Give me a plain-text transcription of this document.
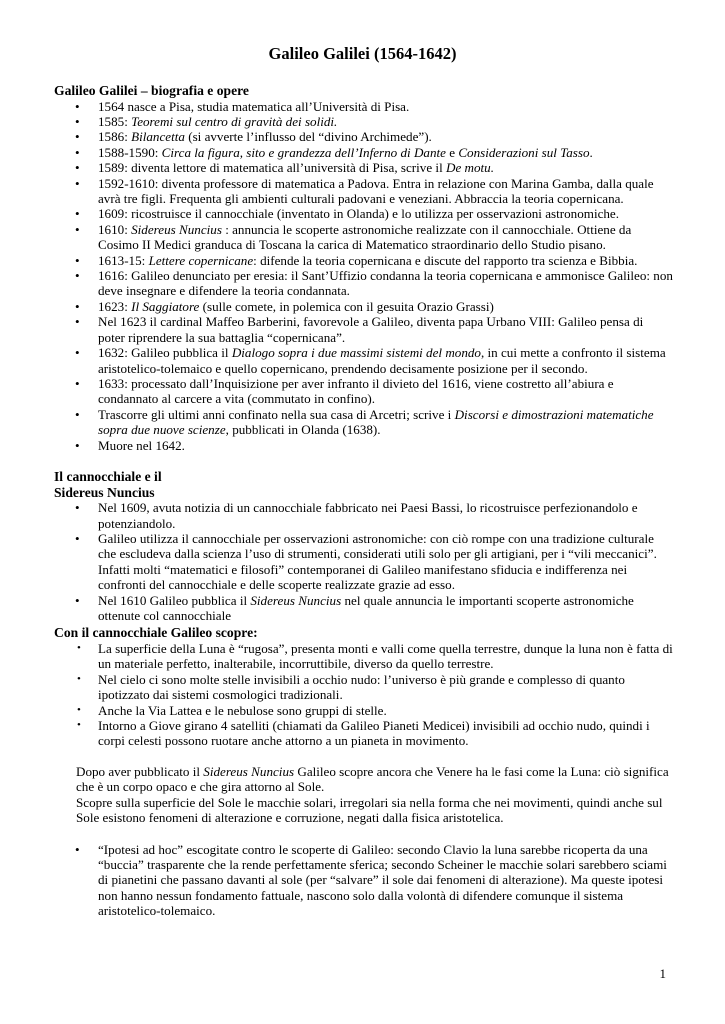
Galileo Galilei (1564-1642)
Galileo Galilei – biografia e opere
• 1564 nasce a Pisa, studia matematica all’Università di Pisa.
• 1585: Teoremi sul centro di gravità dei solidi.
• 1586: Bilancetta (si avverte l’influsso del “divino Archimede”).
• 1588-1590: Circa la figura, sito e grandezza dell’Inferno di Dante e Considerazioni sul Tasso.
• 1589: diventa lettore di matematica all’università di Pisa, scrive il De motu.
• 1592-1610: diventa professore di matematica a Padova. Entra in relazione con Marina Gamba, dalla quale avrà tre figli. Frequenta gli ambienti culturali padovani e veneziani. Abbraccia la teoria copernicana.
• 1609: ricostruisce il cannocchiale (inventato in Olanda) e lo utilizza per osservazioni astronomiche.
• 1610: Sidereus Nuncius : annuncia le scoperte astronomiche realizzate con il cannocchiale. Ottiene da Cosimo II Medici granduca di Toscana la carica di Matematico straordinario dello Studio pisano.
• 1613-15: Lettere copernicane: difende la teoria copernicana e discute del rapporto tra scienza e Bibbia.
• 1616: Galileo denunciato per eresia: il Sant’Uffizio condanna la teoria copernicana e ammonisce Galileo: non deve insegnare e difendere la teoria condannata.
• 1623: Il Saggiatore (sulle comete, in polemica con il gesuita Orazio Grassi)
• Nel 1623 il cardinal Maffeo Barberini, favorevole a Galileo, diventa papa Urbano VIII: Galileo pensa di poter riprendere la sua battaglia “copernicana”.
• 1632: Galileo pubblica il Dialogo sopra i due massimi sistemi del mondo, in cui mette a confronto il sistema aristotelico-tolemaico e quello copernicano, prendendo decisamente posizione per il secondo.
• 1633: processato dall’Inquisizione per aver infranto il divieto del 1616, viene costretto all’abiura e condannato al carcere a vita (commutato in confino).
• Trascorre gli ultimi anni confinato nella sua casa di Arcetri; scrive i Discorsi e dimostrazioni matematiche sopra due nuove scienze, pubblicati in Olanda (1638).
• Muore nel 1642.
Il cannocchiale e il
Sidereus Nuncius
• Nel 1609, avuta notizia di un cannocchiale fabbricato nei Paesi Bassi, lo ricostruisce perfezionandolo e potenziandolo.
• Galileo utilizza il cannocchiale per osservazioni astronomiche: con ciò rompe con una tradizione culturale che escludeva dalla scienza l’uso di strumenti, considerati utili solo per gli artigiani, per i “vili meccanici”. Infatti molti “matematici e filosofi” contemporanei di Galileo manifestano sfiducia e indifferenza nei confronti del cannocchiale e delle scoperte realizzate grazie ad esso.
• Nel 1610 Galileo pubblica il Sidereus Nuncius nel quale annuncia le importanti scoperte astronomiche ottenute col cannocchiale
Con il cannocchiale Galileo scopre:
• La superficie della Luna è “rugosa”, presenta monti e valli come quella terrestre, dunque la luna non è fatta di un materiale perfetto, inalterabile, incorruttibile, diverso da quello terrestre.
• Nel cielo ci sono molte stelle invisibili a occhio nudo: l’universo è più grande e complesso di quanto ipotizzato dai sistemi cosmologici tradizionali.
• Anche la Via Lattea e le nebulose sono gruppi di stelle.
• Intorno a Giove girano 4 satelliti (chiamati da Galileo Pianeti Medicei) invisibili ad occhio nudo, quindi i corpi celesti possono ruotare anche attorno a un pianeta in movimento.

Dopo aver pubblicato il Sidereus Nuncius Galileo scopre ancora che Venere ha le fasi come la Luna: ciò significa che è un corpo opaco e che gira attorno al Sole.

Scopre sulla superficie del Sole le macchie solari, irregolari sia nella forma che nei movimenti, quindi anche sul Sole esistono fenomeni di alterazione e corruzione, negati dalla fisica aristotelica.

• “Ipotesi ad hoc” escogitate contro le scoperte di Galileo: secondo Clavio la luna sarebbe ricoperta da una “buccia” trasparente che la rende perfettamente sferica; secondo Scheiner le macchie solari sarebbero sciami di pianetini che passano davanti al sole (per “salvare” il sole dai fenomeni di alterazione). Ma queste ipotesi non hanno nessun fondamento fattuale, nascono solo dalla volontà di difendere comunque il sistema aristotelico-tolemaico.
1
